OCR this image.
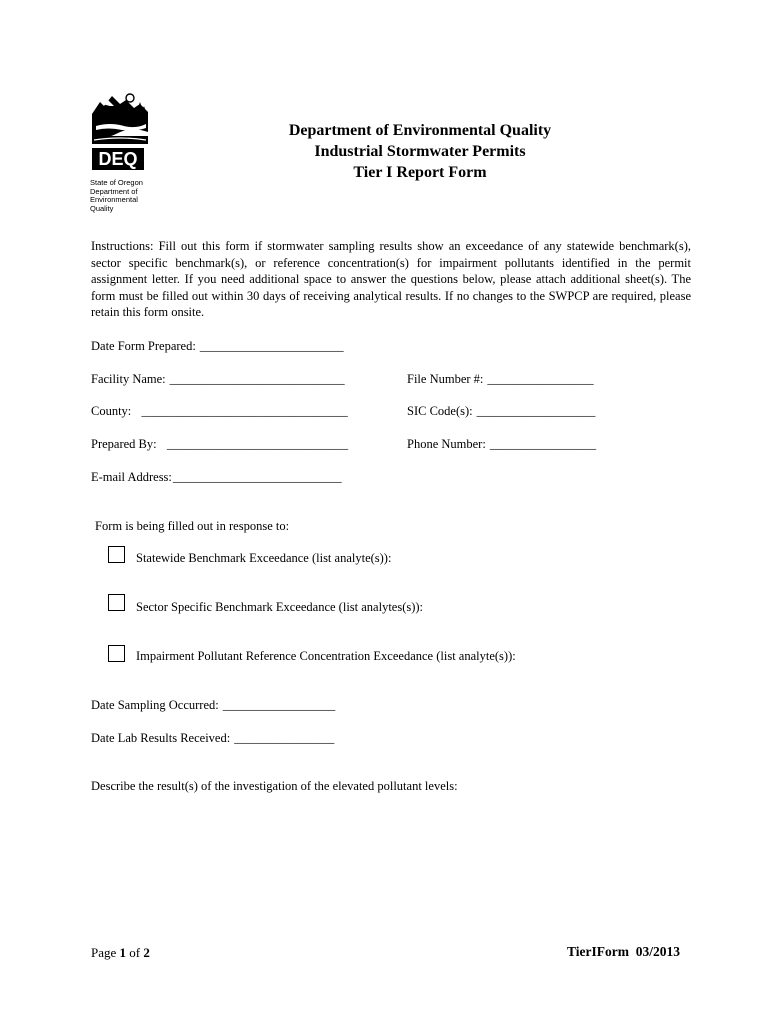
DEQ
State of Oregon
Department of
Environmental
Quality
Department of Environmental Quality
Industrial Stormwater Permits
Tier I Report Form
Instructions: Fill out this form if stormwater sampling results show an exceedance of any statewide benchmark(s), sector specific benchmark(s), or reference concentration(s) for impairment pollutants identified in the permit assignment letter. If you need additional space to answer the questions below, please attach additional sheet(s). The form must be filled out within 30 days of receiving analytical results. If no changes to the SWPCP are required, please retain this form onsite.
Date Form Prepared: _______________________
Facility Name: ____________________________	File Number #: _________________
County:  _________________________________	SIC Code(s): ___________________
Prepared By:  _____________________________	Phone Number: _________________
E-mail Address:___________________________
Form is being filled out in response to:
Statewide Benchmark Exceedance (list analyte(s)):
Sector Specific Benchmark Exceedance (list analytes(s)):
Impairment Pollutant Reference Concentration Exceedance (list analyte(s)):
Date Sampling Occurred: __________________
Date Lab Results Received: ________________
Describe the result(s) of the investigation of the elevated pollutant levels:
Page 1 of 2	TierIForm  03/2013
